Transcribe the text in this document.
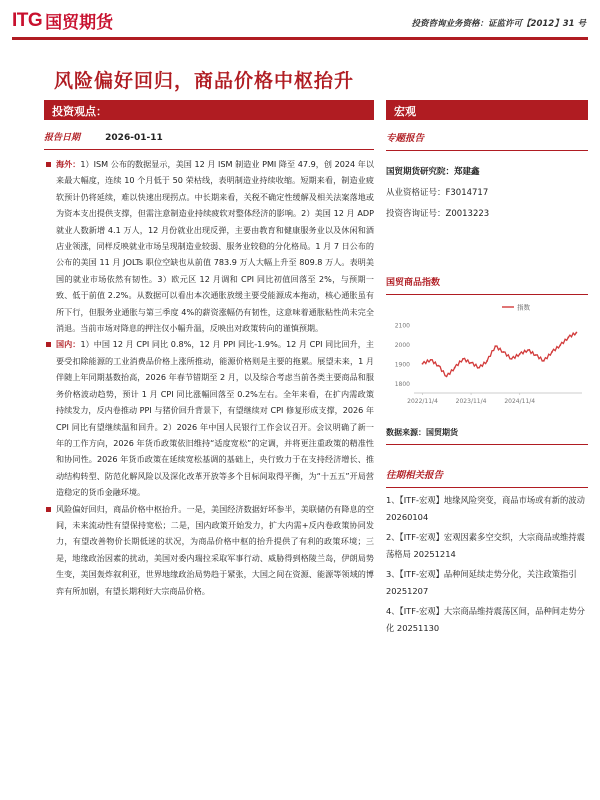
ITG 国贸期货	投资咨询业务资格：证监许可【2012】31 号
风险偏好回归，商品价格中枢抬升
投资观点：
报告日期	2026-01-11
海外：1）ISM 公布的数据显示，美国 12 月 ISM 制造业 PMI 降至 47.9，创 2024 年以来最大幅度，连续 10 个月低于 50 荣枯线，表明制造业持续收缩。短期来看，制造业疲软预计仍将延续，难以快速出现拐点。中长期来看，关税不确定性缓解及相关法案落地或为资本支出提供支撑，但需注意制造业持续疲软对整体经济的影响。2）美国 12 月 ADP 就业人数新增 4.1 万人，12 月份就业出现反弹，主要由教育和健康服务业以及休闲和酒店业领涨，同样反映就业市场呈现制造业较弱、服务业较稳的分化格局。1 月 7 日公布的公布的美国 11 月 JOLTs 职位空缺也从前值 783.9 万人大幅上升至 809.8 万人。表明美国的就业市场依然有韧性。3）欧元区 12 月调和 CPI 同比初值回落至 2%，与预期一致、低于前值 2.2%。从数据可以看出本次通胀放缓主要受能源成本拖动，核心通胀虽有所下行，但服务业通胀与第三季度 4%的薪资涨幅仍有韧性，这意味着通胀粘性尚未完全消退。当前市场对降息的押注仅小幅升温，反映出对政策转向的谨慎预期。
国内：1）中国 12 月 CPI 同比 0.8%，12 月 PPI 同比-1.9%。12 月 CPI 同比回升，主要受扣除能源的工业消费品价格上涨所推动，能源价格则是主要的拖累。展望未来，1 月伴随上年同期基数抬高，2026 年春节错期至 2 月，以及综合考虑当前各类主要商品和服务价格波动趋势，预计 1 月 CPI 同比涨幅回落至 0.2%左右。全年来看，在扩内需政策持续发力，反内卷推动 PPI 与猪价回升背景下，有望继续对 CPI 修复形成支撑，2026 年 CPI 同比有望继续温和回升。2）2026 年中国人民银行工作会议召开。会议明确了新一年的工作方向，2026 年货币政策依旧维持“适度宽松”的定调，并将更注重政策的精准性和协同性。2026 年货币政策在延续宽松基调的基础上，央行致力于在支持经济增长、推动结构转型、防范化解风险以及深化改革开放等多个目标间取得平衡，为“十五五”开局营造稳定的货币金融环境。
风险偏好回归，商品价格中枢抬升。一是，美国经济数据好坏参半，美联储仍有降息的空间，未来流动性有望保持宽松；二是，国内政策开始发力，扩大内需+反内卷政策协同发力，有望改善物价长期低迷的状况，为商品价格中枢的抬升提供了有利的政策环境；三是，地缘政治因素的扰动，美国对委内瑞拉采取军事行动、威胁得到格陵兰岛，伊朗局势生变，美国轰炸叙利亚，世界地缘政治局势趋于紧张，大国之间在资源、能源等领域的博弈有所加剧，有望长期利好大宗商品价格。
宏观
专题报告
国贸期货研究院：郑建鑫
从业资格证号：F3014717
投资咨询证号：Z0013223
国贸商品指数
1800
1900
2000
2100
2022/11/4	2023/11/4	2024/11/4
指数
数据来源：国贸期货
往期相关报告
1、【ITF-宏观】地缘风险突变，商品市场或有新的波动 20260104
2、【ITF-宏观】宏观因素多空交织，大宗商品或维持震荡格局 20251214
3、【ITF-宏观】品种间延续走势分化，关注政策指引 20251207
4、【ITF-宏观】大宗商品维持震荡区间，品种间走势分化 20251130
